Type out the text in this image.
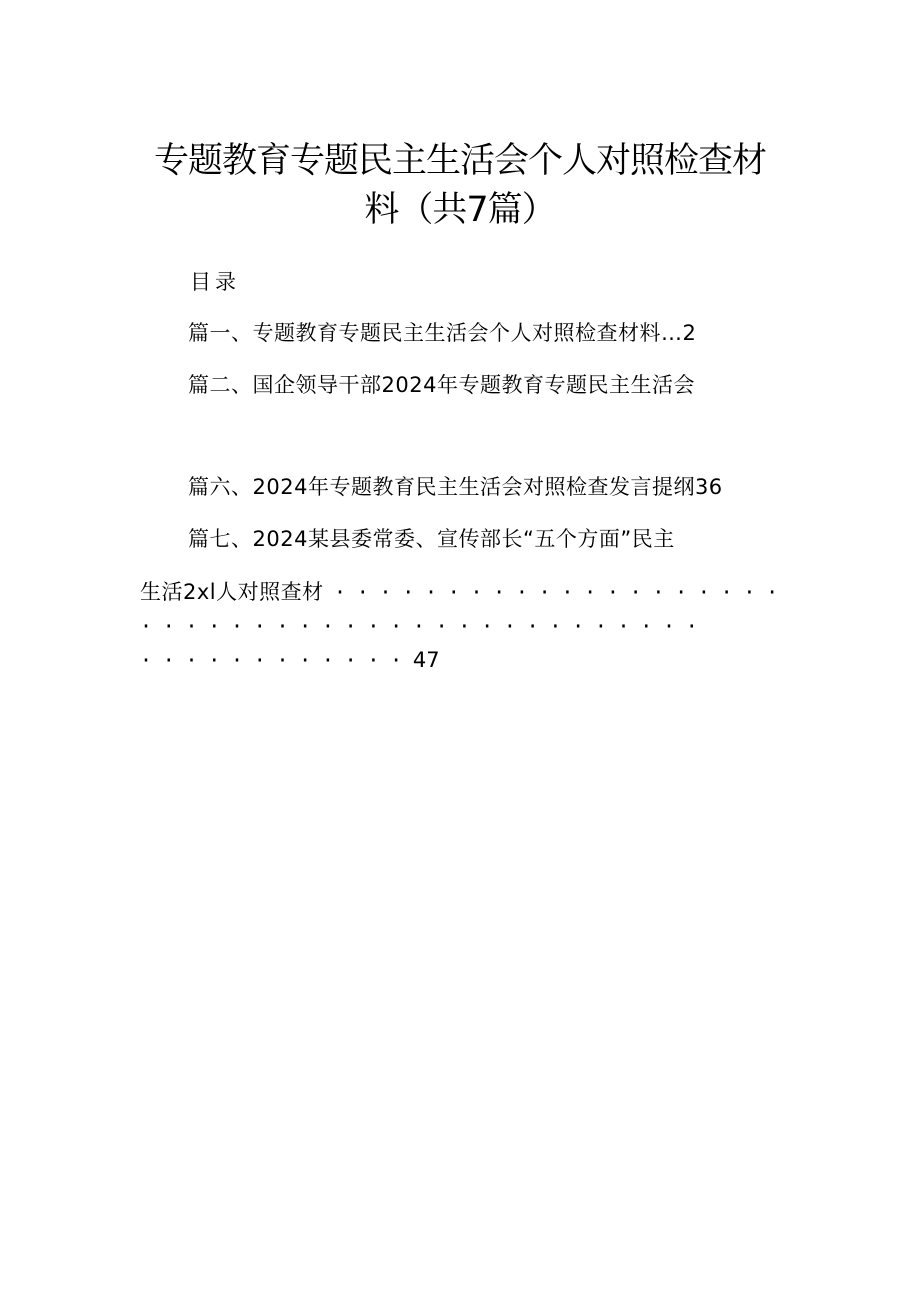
专题教育专题民主生活会个人对照检查材
料（共7篇）
目录
篇一、专题教育专题民主生活会个人对照检查材料…2
篇二、国企领导干部2024年专题教育专题民主生活会
篇六、2024年专题教育民主生活会对照检查发言提纲36
篇七、2024某县委常委、宣传部长“五个方面”民主
生活2xl人对照查材 ····················
·························
············47
